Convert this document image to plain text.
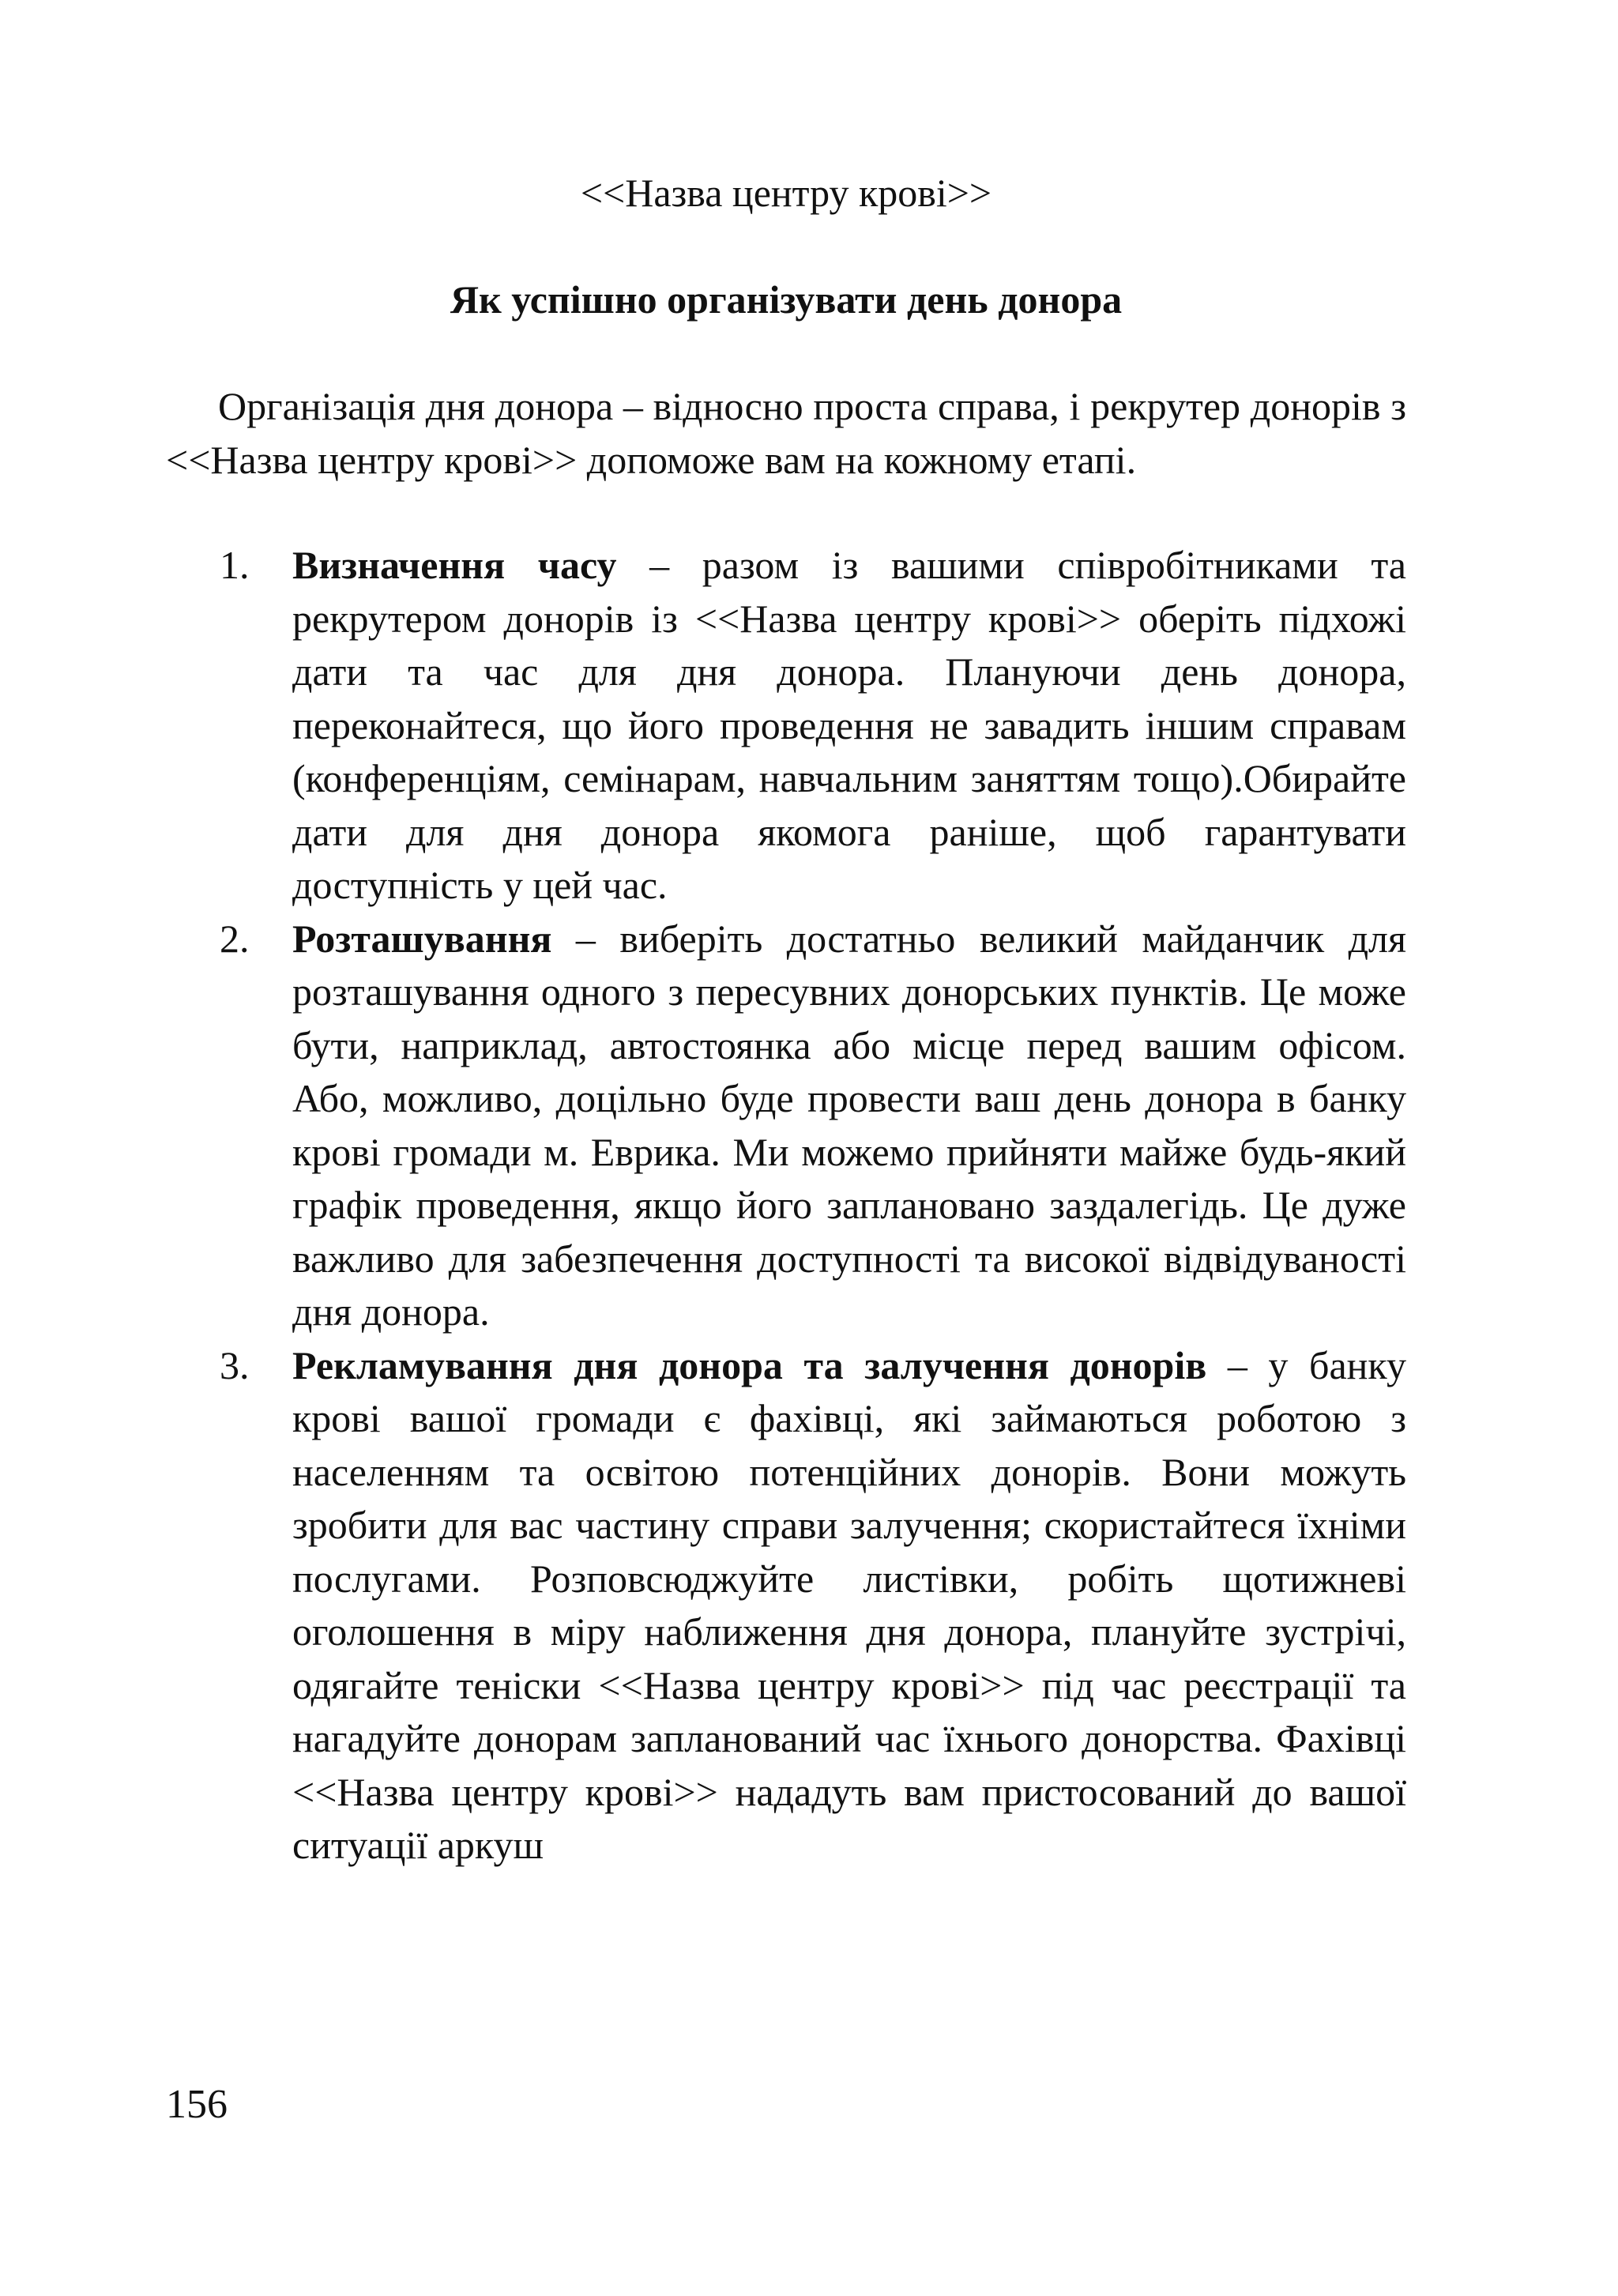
<<Назва центру крові>>
Як успішно організувати день донора

Організація дня донора – відносно проста справа, і рекрутер донорів з <<Назва центру крові>> допоможе вам на кожному етапі.

1. Визначення часу – разом із вашими співробітниками та рекрутером донорів із <<Назва центру крові>> оберіть підхожі дати та час для дня донора. Плануючи день донора, переконайтеся, що його проведення не завадить іншим справам (конференціям, семінарам, навчальним заняттям тощо).Обирайте дати для дня донора якомога раніше, щоб гарантувати доступність у цей час.
2. Розташування – виберіть достатньо великий майданчик для розташування одного з пересувних донорських пунктів. Це може бути, наприклад, автостоянка або місце перед вашим офісом. Або, можливо, доцільно буде провести ваш день донора в банку крові громади м. Еврика. Ми можемо прийняти майже будь-який графік проведення, якщо його заплановано заздалегідь. Це дуже важливо для забезпечення доступності та високої відвідуваності дня донора.
3. Рекламування дня донора та залучення донорів – у банку крові вашої громади є фахівці, які займаються роботою з населенням та освітою потенційних донорів. Вони можуть зробити для вас частину справи залучення; скористайтеся їхніми послугами. Розповсюджуйте листівки, робіть щотижневі оголошення в міру наближення дня донора, плануйте зустрічі, одягайте теніски <<Назва центру крові>> під час реєстрації та нагадуйте донорам запланований час їхнього донорства. Фахівці <<Назва центру крові>> нададуть вам пристосований до вашої ситуації аркуш
156
